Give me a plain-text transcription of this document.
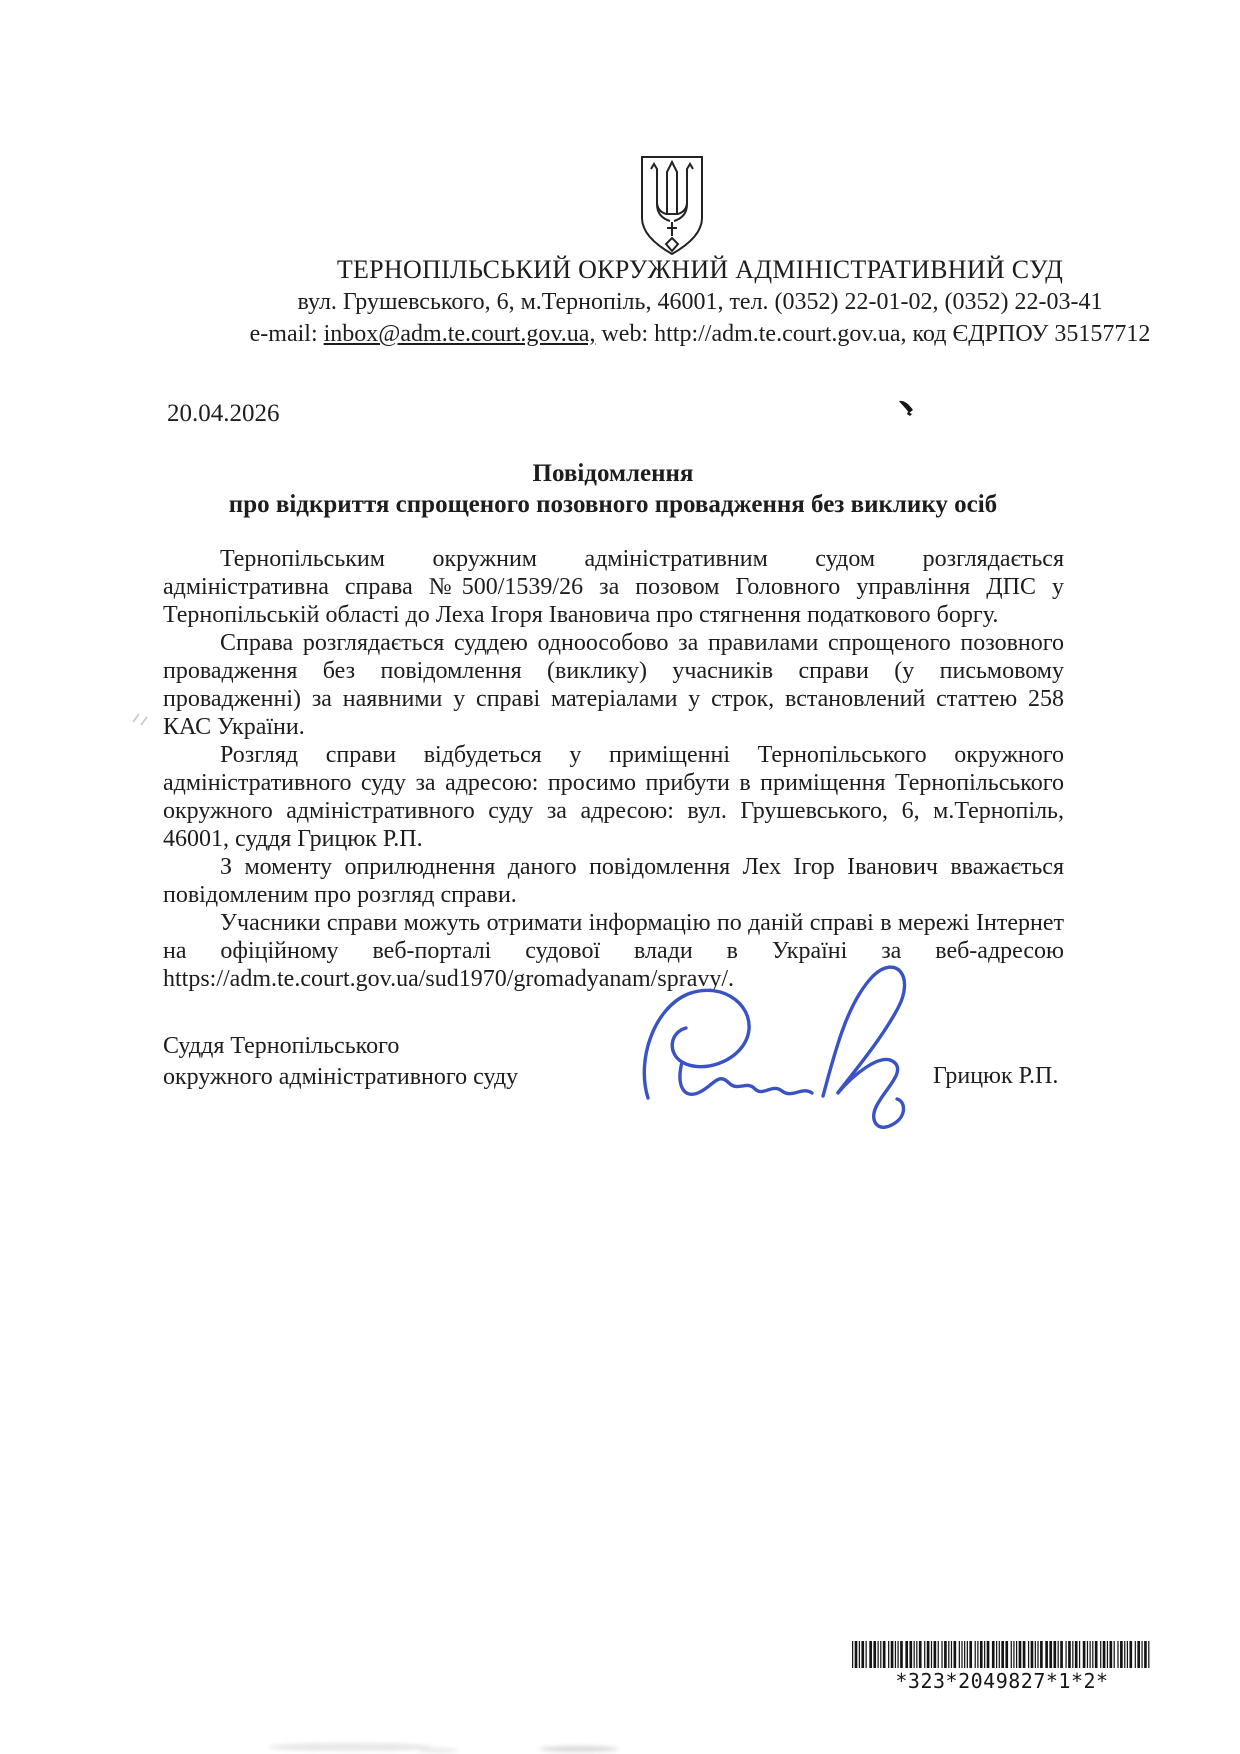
ТЕРНОПІЛЬСЬКИЙ ОКРУЖНИЙ АДМІНІСТРАТИВНИЙ СУД
вул. Грушевського, 6, м.Тернопіль, 46001, тел. (0352) 22-01-02, (0352) 22-03-41
e-mail: inbox@adm.te.court.gov.ua, web: http://adm.te.court.gov.ua, код ЄДРПОУ 35157712
20.04.2026
Повідомлення
про відкриття спрощеного позовного провадження без виклику осіб

Тернопільським окружним адміністративним судом розглядається адміністративна справа №500/1539/26 за позовом Головного управління ДПС у Тернопільській області до Леха Ігоря Івановича про стягнення податкового боргу.

Справа розглядається суддею одноособово за правилами спрощеного позовного провадження без повідомлення (виклику) учасників справи (у письмовому провадженні) за наявними у справі матеріалами у строк, встановлений статтею 258 КАС України.

Розгляд справи відбудеться у приміщенні Тернопільського окружного адміністративного суду за адресою: просимо прибути в приміщення Тернопільського окружного адміністративного суду за адресою: вул. Грушевського, 6, м.Тернопіль, 46001, суддя Грицюк Р.П.

З моменту оприлюднення даного повідомлення Лех Ігор Іванович вважається повідомленим про розгляд справи.

Учасники справи можуть отримати інформацію по даній справі в мережі Інтернет на офіційному веб-порталі судової влади в Україні за веб-адресою https://adm.te.court.gov.ua/sud1970/gromadyanam/spravy/.

Суддя Тернопільського
окружного адміністративного суду	Грицюк Р.П.
*323*2049827*1*2*
